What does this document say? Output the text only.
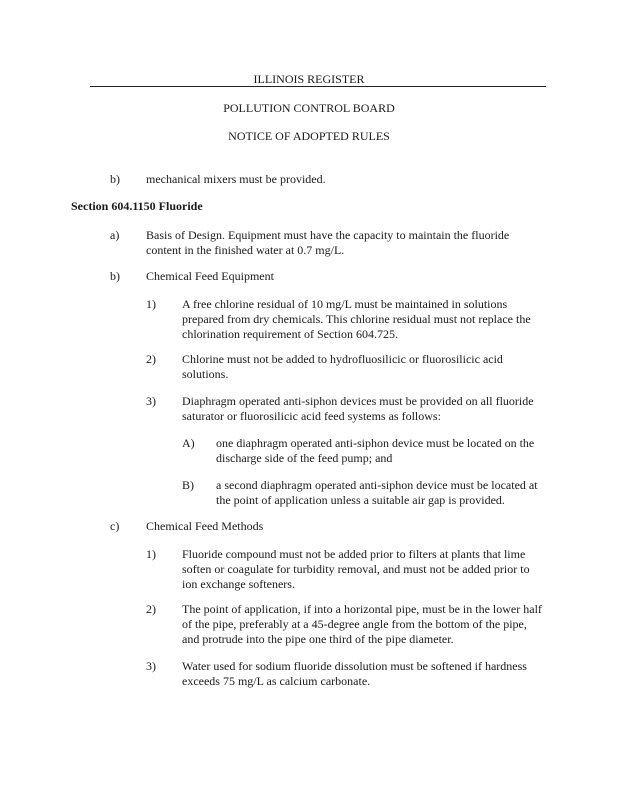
ILLINOIS REGISTER
POLLUTION CONTROL BOARD
NOTICE OF ADOPTED RULES
b) mechanical mixers must be provided.
Section 604.1150 Fluoride
a) Basis of Design. Equipment must have the capacity to maintain the fluoride
content in the finished water at 0.7 mg/L.
b) Chemical Feed Equipment
1) A free chlorine residual of 10 mg/L must be maintained in solutions
prepared from dry chemicals. This chlorine residual must not replace the
chlorination requirement of Section 604.725.
2) Chlorine must not be added to hydrofluosilicic or fluorosilicic acid
solutions.
3) Diaphragm operated anti-siphon devices must be provided on all fluoride
saturator or fluorosilicic acid feed systems as follows:
A) one diaphragm operated anti-siphon device must be located on the
discharge side of the feed pump; and
B) a second diaphragm operated anti-siphon device must be located at
the point of application unless a suitable air gap is provided.
c) Chemical Feed Methods
1) Fluoride compound must not be added prior to filters at plants that lime
soften or coagulate for turbidity removal, and must not be added prior to
ion exchange softeners.
2) The point of application, if into a horizontal pipe, must be in the lower half
of the pipe, preferably at a 45-degree angle from the bottom of the pipe,
and protrude into the pipe one third of the pipe diameter.
3) Water used for sodium fluoride dissolution must be softened if hardness
exceeds 75 mg/L as calcium carbonate.
